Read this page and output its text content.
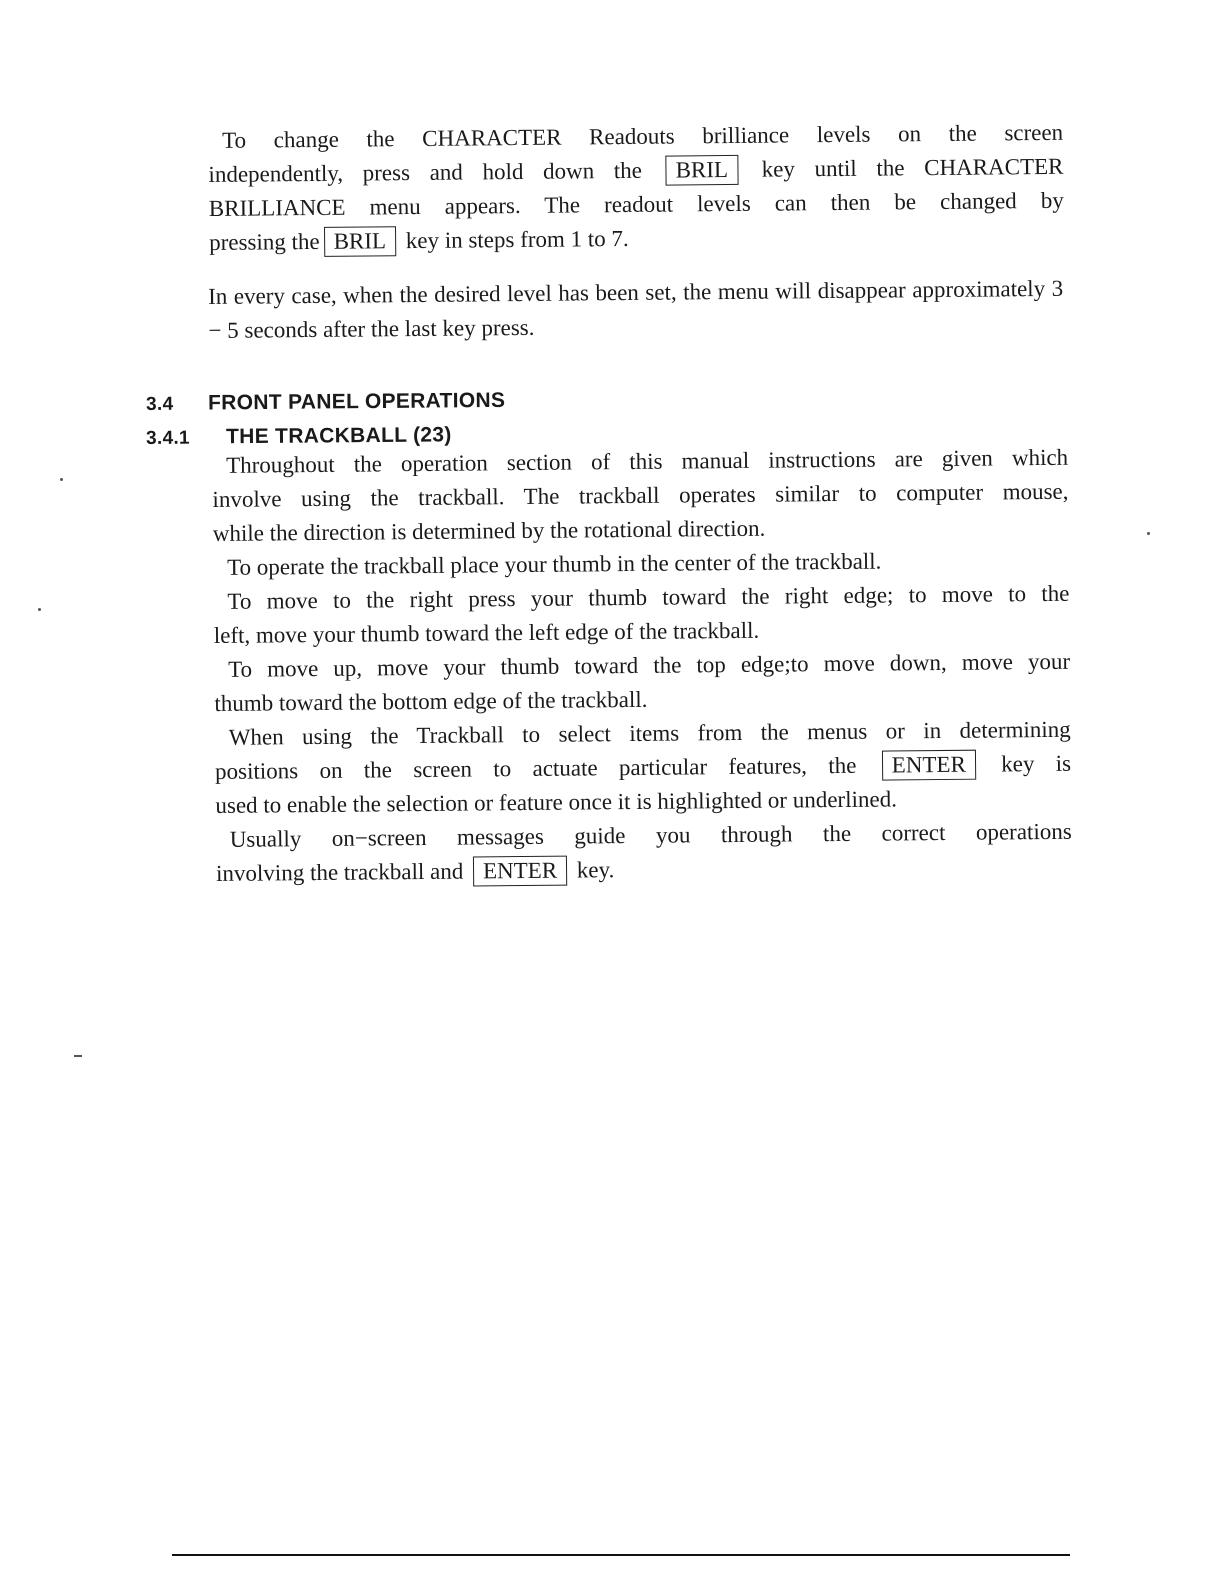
To change the CHARACTER Readouts brilliance levels on the screen
independently, press and hold down the BRIL key until the CHARACTER
BRILLIANCE menu appears. The readout levels can then be changed by
pressing the BRIL key in steps from 1 to 7.
In every case, when the desired level has been set, the menu will disappear approximately 3 − 5 seconds after the last key press.
3.4 FRONT PANEL OPERATIONS
3.4.1 THE TRACKBALL (23)
Throughout the operation section of this manual instructions are given which
involve using the trackball. The trackball operates similar to computer mouse,
while the direction is determined by the rotational direction.
To operate the trackball place your thumb in the center of the trackball.
To move to the right press your thumb toward the right edge; to move to the
left, move your thumb toward the left edge of the trackball.
To move up, move your thumb toward the top edge;to move down, move your
thumb toward the bottom edge of the trackball.
When using the Trackball to select items from the menus or in determining
positions on the screen to actuate particular features, the ENTER key is
used to enable the selection or feature once it is highlighted or underlined.
Usually on−screen messages guide you through the correct operations
involving the trackball and ENTER key.
